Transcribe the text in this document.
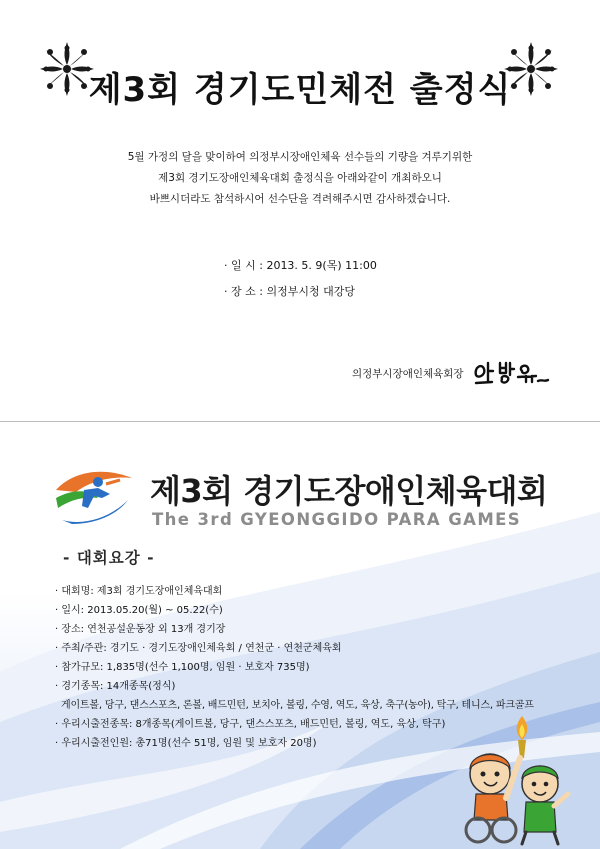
제3회 경기도민체전 출정식

5월 가정의 달을 맞이하여 의정부시장애인체육 선수들의 기량을 겨루기위한

제3회 경기도장애인체육대회 출정식을 아래와같이 개최하오니

바쁘시더라도 참석하시어 선수단을 격려해주시면 감사하겠습니다.

· 일 시 : 2013. 5. 9(목) 11:00
· 장 소 : 의정부시청 대강당
의정부시장애인체육회장
제3회 경기도장애인체육대회
The 3rd GYEONGGIDO PARA GAMES
- 대회요강 -
· 대회명: 제3회 경기도장애인체육대회
· 일시: 2013.05.20(월) ~ 05.22(수)
· 장소: 연천공설운동장 외 13개 경기장
· 주최/주관: 경기도 · 경기도장애인체육회 / 연천군 · 연천군체육회
· 참가규모: 1,835명(선수 1,100명, 임원 · 보호자 735명)
· 경기종목: 14개종목(정식)
게이트볼, 당구, 댄스스포츠, 론볼, 배드민턴, 보치아, 볼링, 수영, 역도, 육상, 축구(농아), 탁구, 테니스, 파크골프
· 우리시출전종목: 8개종목(게이트볼, 당구, 댄스스포츠, 배드민턴, 볼링, 역도, 육상, 탁구)
· 우리시출전인원: 총71명(선수 51명, 임원 및 보호자 20명)
